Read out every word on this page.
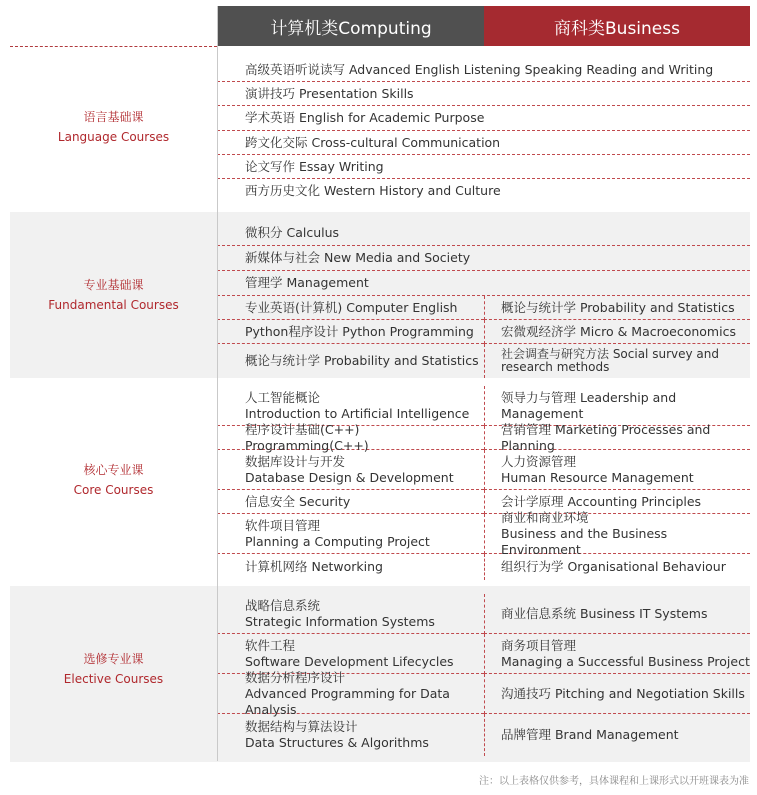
计算机类Computing	商科类Business
语言基础课
Language Courses
专业基础课
Fundamental Courses
核心专业课
Core Courses
选修专业课
Elective Courses
高级英语听说读写 Advanced English Listening Speaking Reading and Writing
演讲技巧 Presentation Skills
学术英语 English for Academic Purpose
跨文化交际 Cross-cultural Communication
论文写作 Essay Writing
西方历史文化 Western History and Culture
微积分 Calculus
新媒体与社会 New Media and Society
管理学 Management
专业英语(计算机) Computer English
Python程序设计 Python Programming
概论与统计学 Probability and Statistics
概论与统计学 Probability and Statistics
宏微观经济学 Micro & Macroeconomics
社会调查与研究方法 Social survey and
research methods
人工智能概论
Introduction to Artificial Intelligence
程序设计基础(C++) Programming(C++)
数据库设计与开发
Database Design & Development
信息安全 Security
软件项目管理
Planning a Computing Project
计算机网络 Networking
领导力与管理 Leadership and Management
营销管理 Marketing Processes and Planning
人力资源管理
Human Resource Management
会计学原理 Accounting Principles
商业和商业环境
Business and the Business Environment
组织行为学 Organisational Behaviour
战略信息系统
Strategic Information Systems
软件工程
Software Development Lifecycles
数据分析程序设计
Advanced Programming for Data Analysis
数据结构与算法设计
Data Structures & Algorithms
商业信息系统 Business IT Systems
商务项目管理
Managing a Successful Business Project
沟通技巧 Pitching and Negotiation Skills
品牌管理 Brand Management
注：以上表格仅供参考，具体课程和上课形式以开班课表为准
